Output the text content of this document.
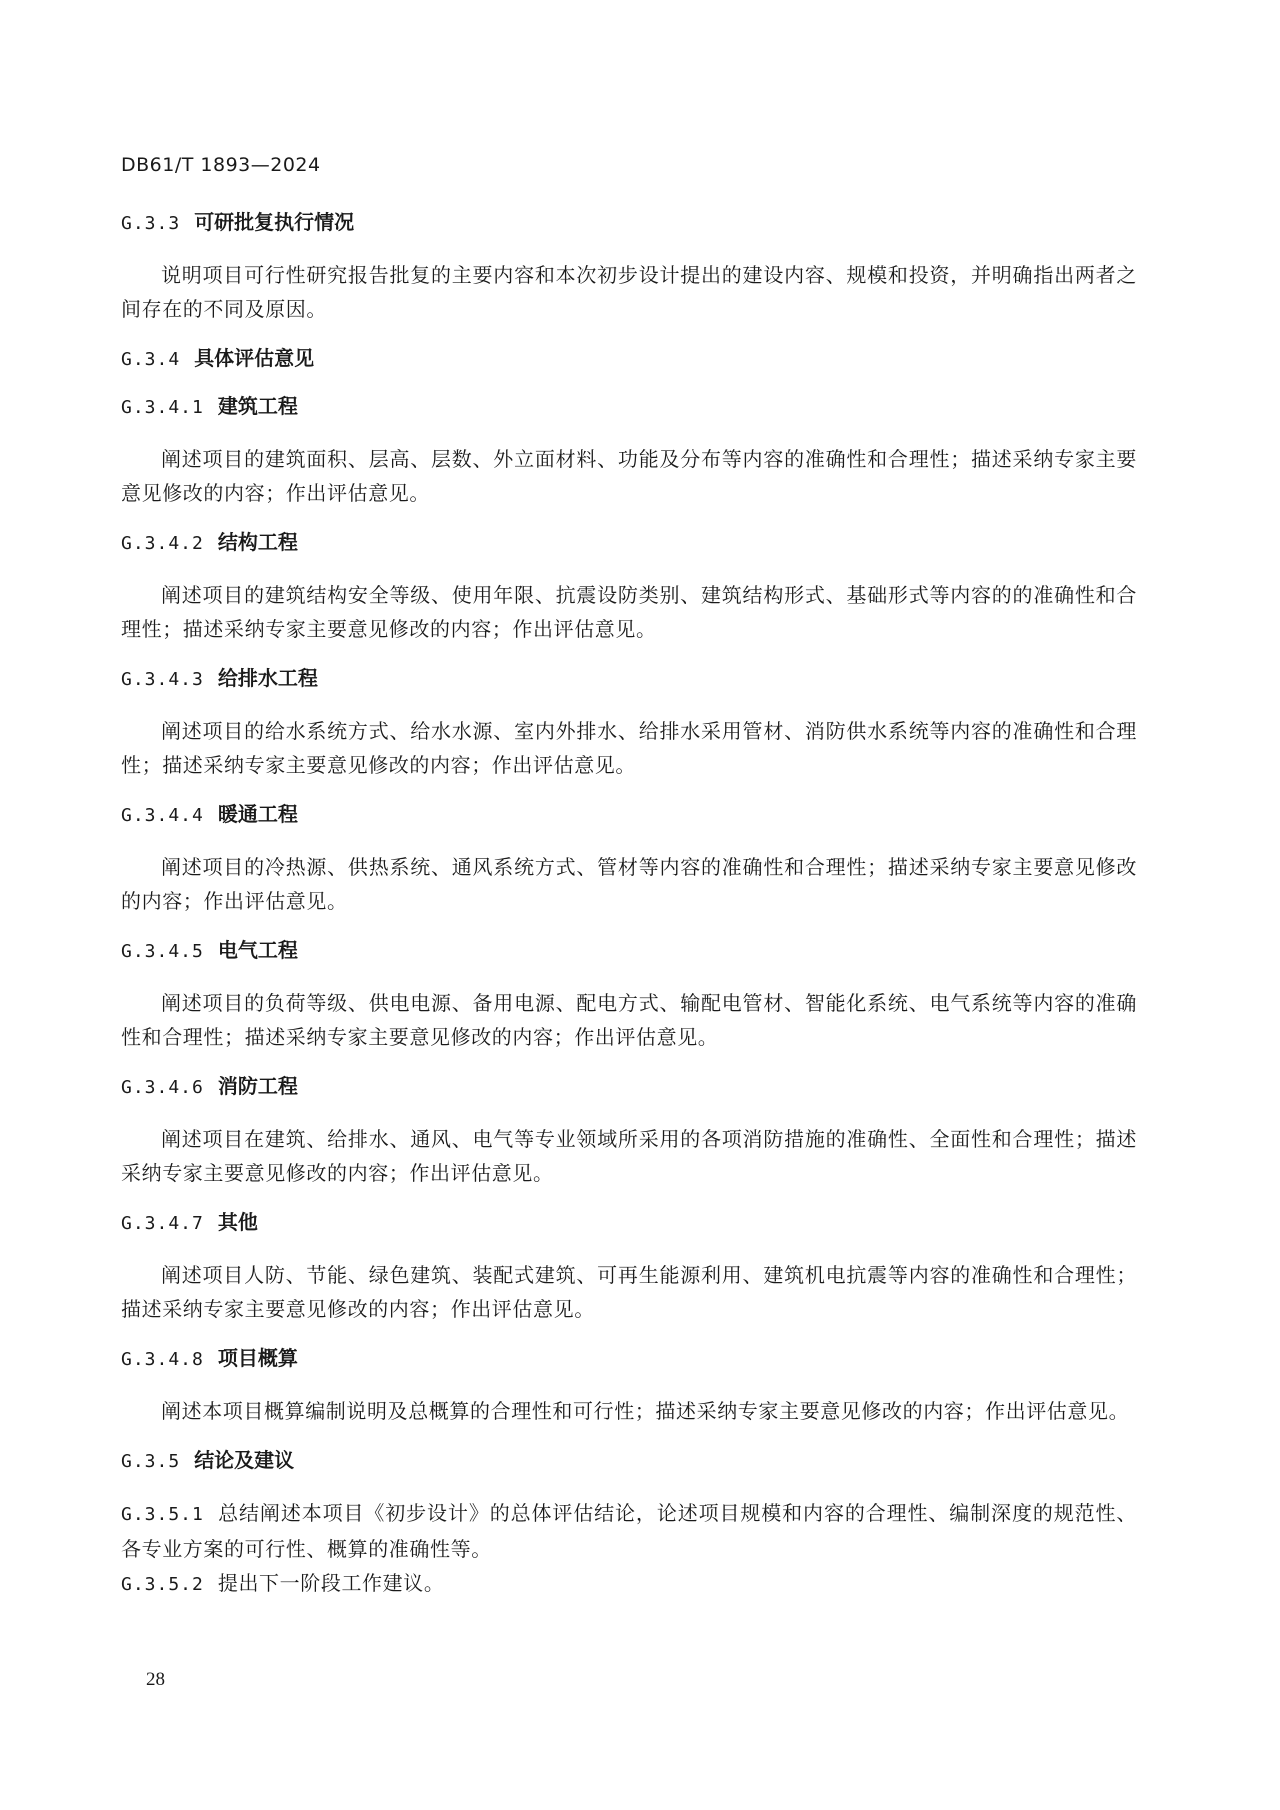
DB61/T 1893—2024
G.3.3 可研批复执行情况

说明项目可行性研究报告批复的主要内容和本次初步设计提出的建设内容、规模和投资，并明确指出两者之间存在的不同及原因。

G.3.4 具体评估意见
G.3.4.1 建筑工程

阐述项目的建筑面积、层高、层数、外立面材料、功能及分布等内容的准确性和合理性；描述采纳专家主要意见修改的内容；作出评估意见。

G.3.4.2 结构工程

阐述项目的建筑结构安全等级、使用年限、抗震设防类别、建筑结构形式、基础形式等内容的的准确性和合理性；描述采纳专家主要意见修改的内容；作出评估意见。

G.3.4.3 给排水工程

阐述项目的给水系统方式、给水水源、室内外排水、给排水采用管材、消防供水系统等内容的准确性和合理性；描述采纳专家主要意见修改的内容；作出评估意见。

G.3.4.4 暖通工程

阐述项目的冷热源、供热系统、通风系统方式、管材等内容的准确性和合理性；描述采纳专家主要意见修改的内容；作出评估意见。

G.3.4.5 电气工程

阐述项目的负荷等级、供电电源、备用电源、配电方式、输配电管材、智能化系统、电气系统等内容的准确性和合理性；描述采纳专家主要意见修改的内容；作出评估意见。

G.3.4.6 消防工程

阐述项目在建筑、给排水、通风、电气等专业领域所采用的各项消防措施的准确性、全面性和合理性；描述采纳专家主要意见修改的内容；作出评估意见。

G.3.4.7 其他

阐述项目人防、节能、绿色建筑、装配式建筑、可再生能源利用、建筑机电抗震等内容的准确性和合理性；描述采纳专家主要意见修改的内容；作出评估意见。

G.3.4.8 项目概算

阐述本项目概算编制说明及总概算的合理性和可行性；描述采纳专家主要意见修改的内容；作出评估意见。

G.3.5 结论及建议

G.3.5.1 总结阐述本项目《初步设计》的总体评估结论，论述项目规模和内容的合理性、编制深度的规范性、各专业方案的可行性、概算的准确性等。

G.3.5.2 提出下一阶段工作建议。

28
